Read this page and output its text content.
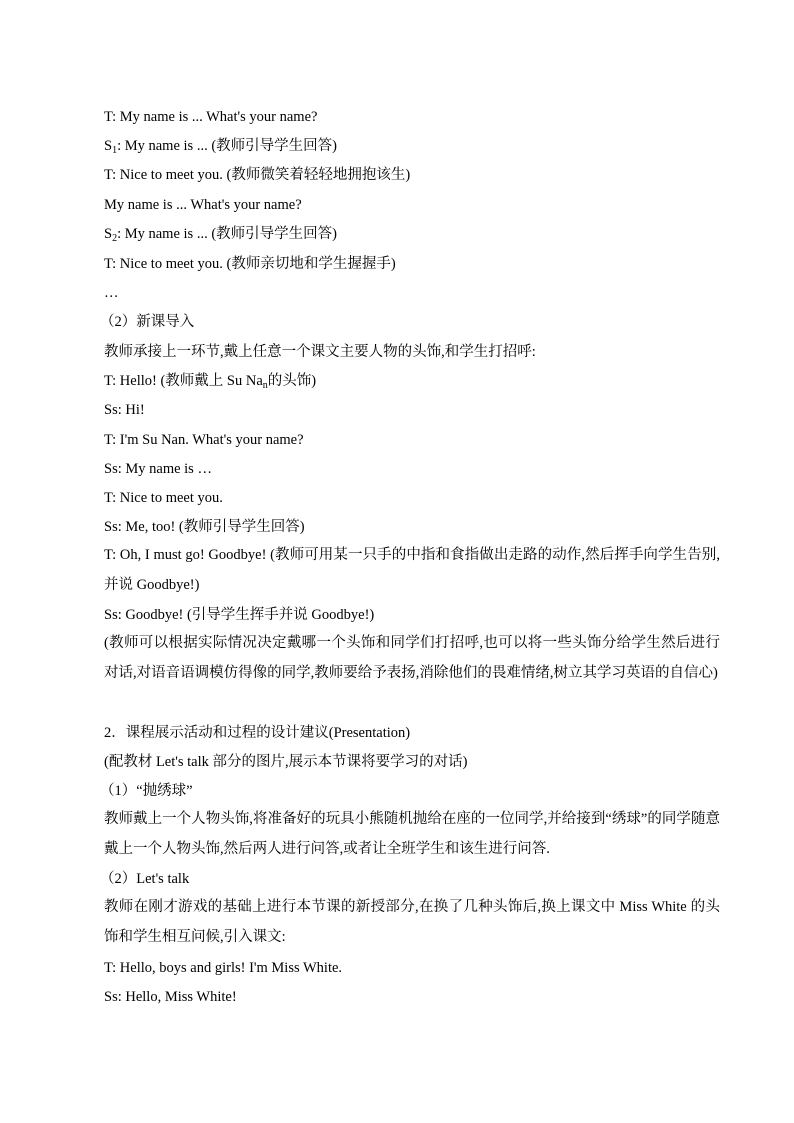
T: My name is ... What's your name?
$S_1$: My name is ... (教师引导学生回答)
T: Nice to meet you. (教师微笑着轻轻地拥抱该生)
My name is ... What's your name?
$S_2$: My name is ... (教师引导学生回答)
T: Nice to meet you. (教师亲切地和学生握握手)
…
（2）新课导入
教师承接上一环节,戴上任意一个课文主要人物的头饰,和学生打招呼:
T: Hello! (教师戴上 Su $Na_n$的头饰)
Ss: Hi!
T: I'm Su Nan. What's your name?
Ss: My name is …
T: Nice to meet you.
Ss: Me, too! (教师引导学生回答)
T: Oh, I must go! Goodbye! (教师可用某一只手的中指和食指做出走路的动作,然后挥手向学生告别,并说 Goodbye!)
Ss: Goodbye! (引导学生挥手并说 Goodbye!)
(教师可以根据实际情况决定戴哪一个头饰和同学们打招呼,也可以将一些头饰分给学生然后进行对话,对语音语调模仿得像的同学,教师要给予表扬,消除他们的畏难情绪,树立其学习英语的自信心)
2．课程展示活动和过程的设计建议(Presentation)
(配教材 Let's talk 部分的图片,展示本节课将要学习的对话)
（1）“抛绣球”
教师戴上一个人物头饰,将准备好的玩具小熊随机抛给在座的一位同学,并给接到“绣球”的同学随意戴上一个人物头饰,然后两人进行问答,或者让全班学生和该生进行问答.
（2）Let's talk
教师在刚才游戏的基础上进行本节课的新授部分,在换了几种头饰后,换上课文中 Miss White 的头饰和学生相互问候,引入课文:
T: Hello, boys and girls! I'm Miss White.
Ss: Hello, Miss White!
